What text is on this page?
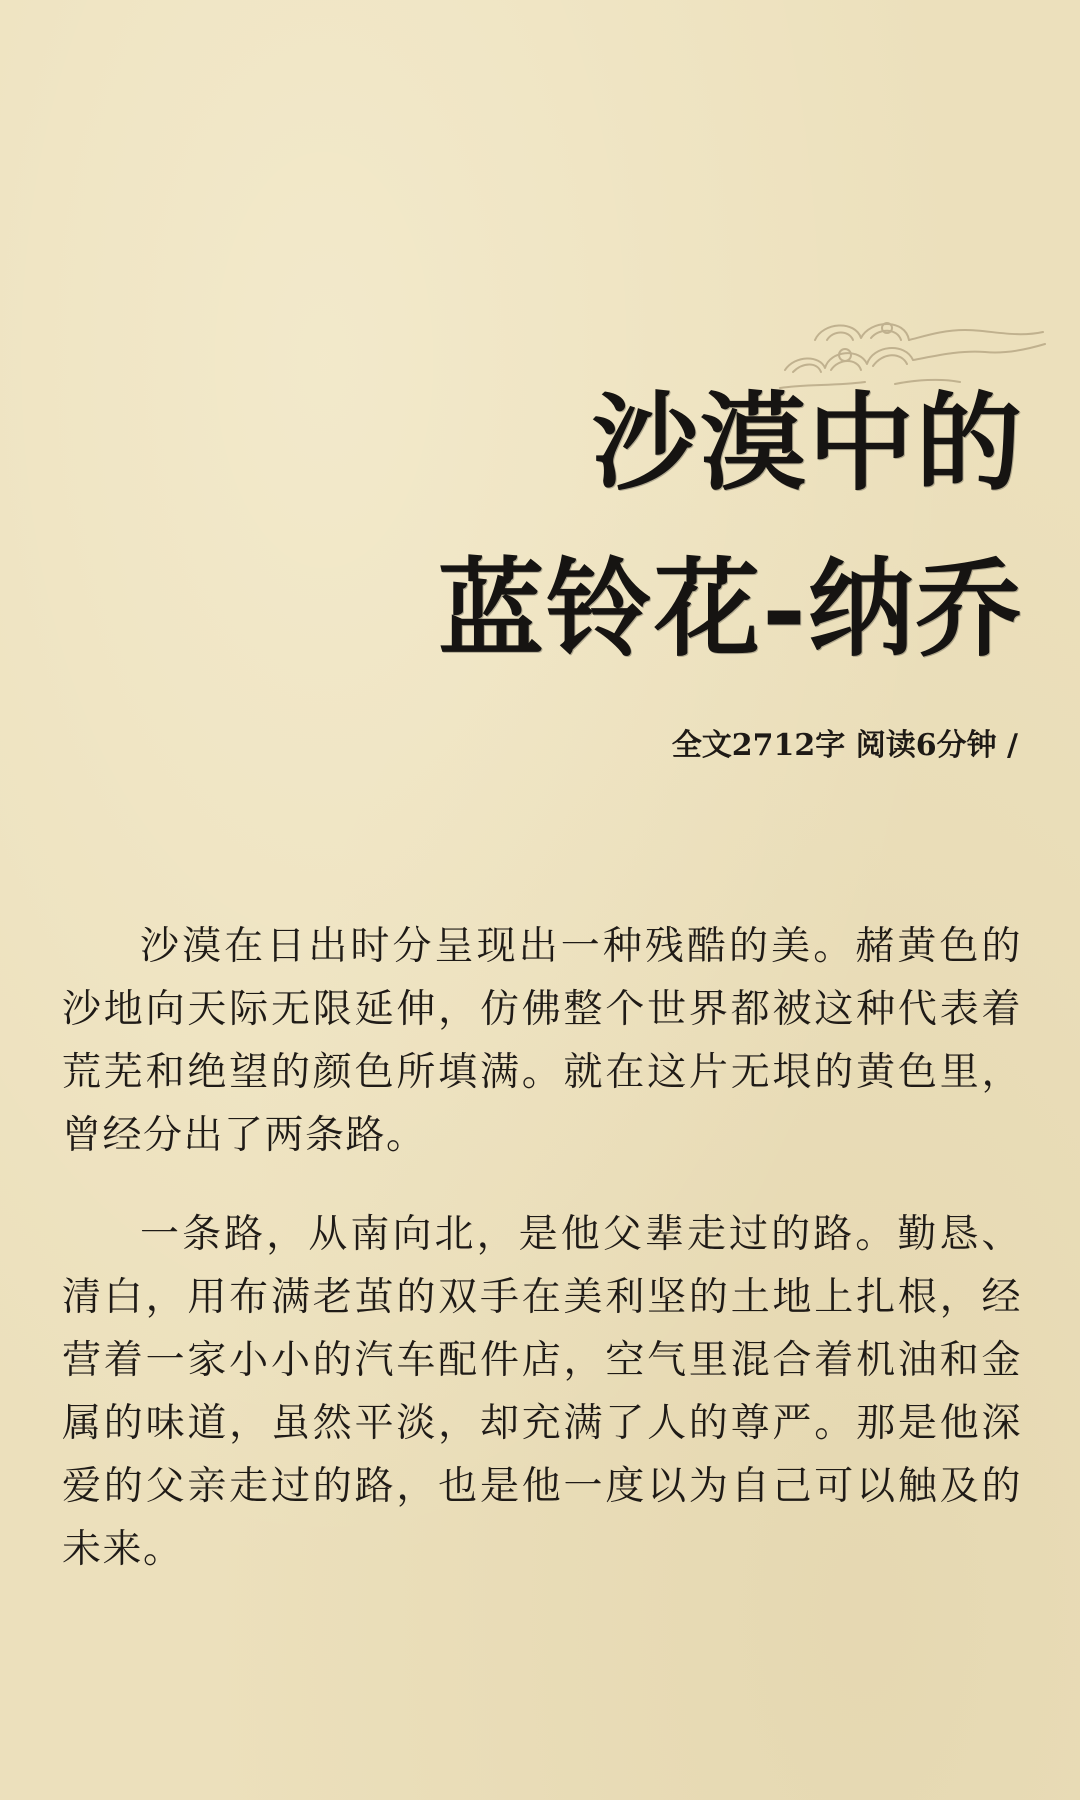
沙漠中的
蓝铃花-纳乔
全文2712字 阅读6分钟 /

沙漠在日出时分呈现出一种残酷的美。赭黄色的沙地向天际无限延伸，仿佛整个世界都被这种代表着荒芜和绝望的颜色所填满。就在这片无垠的黄色里，曾经分出了两条路。

一条路，从南向北，是他父辈走过的路。勤恳、清白，用布满老茧的双手在美利坚的土地上扎根，经营着一家小小的汽车配件店，空气里混合着机油和金属的味道，虽然平淡，却充满了人的尊严。那是他深爱的父亲走过的路，也是他一度以为自己可以触及的未来。
